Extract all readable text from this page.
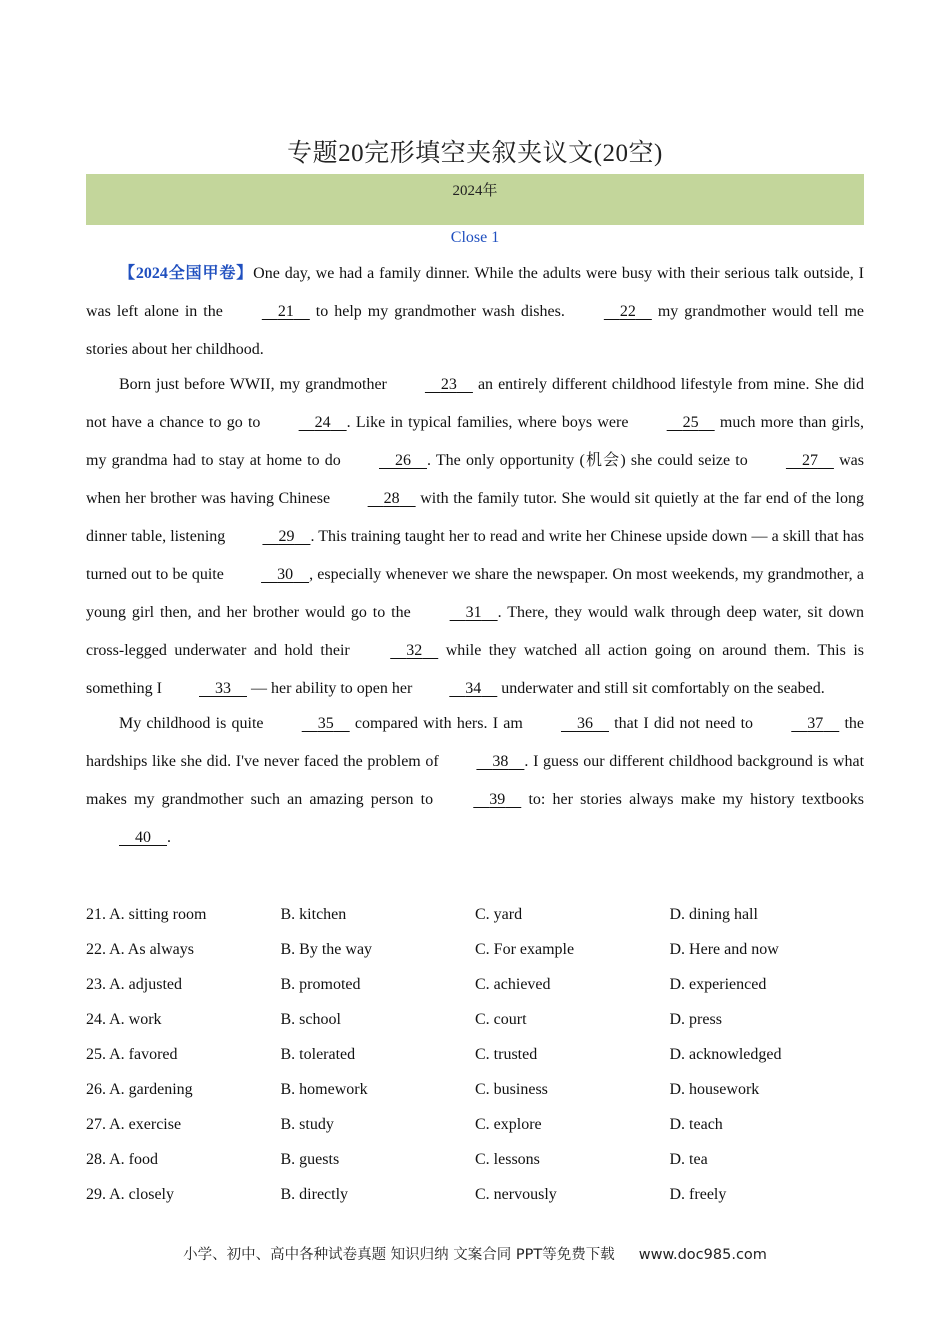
专题20完形填空夹叙夹议文(20空)
2024年
Close 1

【2024全国甲卷】One day, we had a family dinner. While the adults were busy with their serious talk outside, I was left alone in the	21     to help my grandmother wash dishes.	22     my grandmother would tell me stories about her childhood.

Born just before WWII, my grandmother	23     an entirely different childhood lifestyle from mine. She did not have a chance to go to	24 . Like in typical families, where boys were	25     much more than girls, my grandma had to stay at home to do	26 . The only opportunity (机会) she could seize to	27     was when her brother was having Chinese	28     with the family tutor. She would sit quietly at the far end of the long dinner table, listening	29 . This training taught her to read and write her Chinese upside down — a skill that has turned out to be quite	30 , especially whenever we share the newspaper. On most weekends, my grandmother, a young girl then, and her brother would go to the	31 . There, they would walk through deep water, sit down cross-legged underwater and hold their	32     while they watched all action going on around them. This is something I	33     — her ability to open her	34     underwater and still sit comfortably on the seabed.

My childhood is quite	35     compared with hers. I am	36     that I did not need to	37     the hardships like she did. I've never faced the problem of	38 . I guess our different childhood background is what makes my grandmother such an amazing person to	39     to: her stories always make my history textbooks     40 .

21. A. sitting room	B. kitchen	C. yard	D. dining hall
22. A. As always	B. By the way	C. For example	D. Here and now
23. A. adjusted	B. promoted	C. achieved	D. experienced
24. A. work	B. school	C. court	D. press
25. A. favored	B. tolerated	C. trusted	D. acknowledged
26. A. gardening	B. homework	C. business	D. housework
27. A. exercise	B. study	C. explore	D. teach
28. A. food	B. guests	C. lessons	D. tea
29. A. closely	B. directly	C. nervously	D. freely
小学、初中、高中各种试卷真题 知识归纳 文案合同 PPT等免费下载 www.doc985.com
